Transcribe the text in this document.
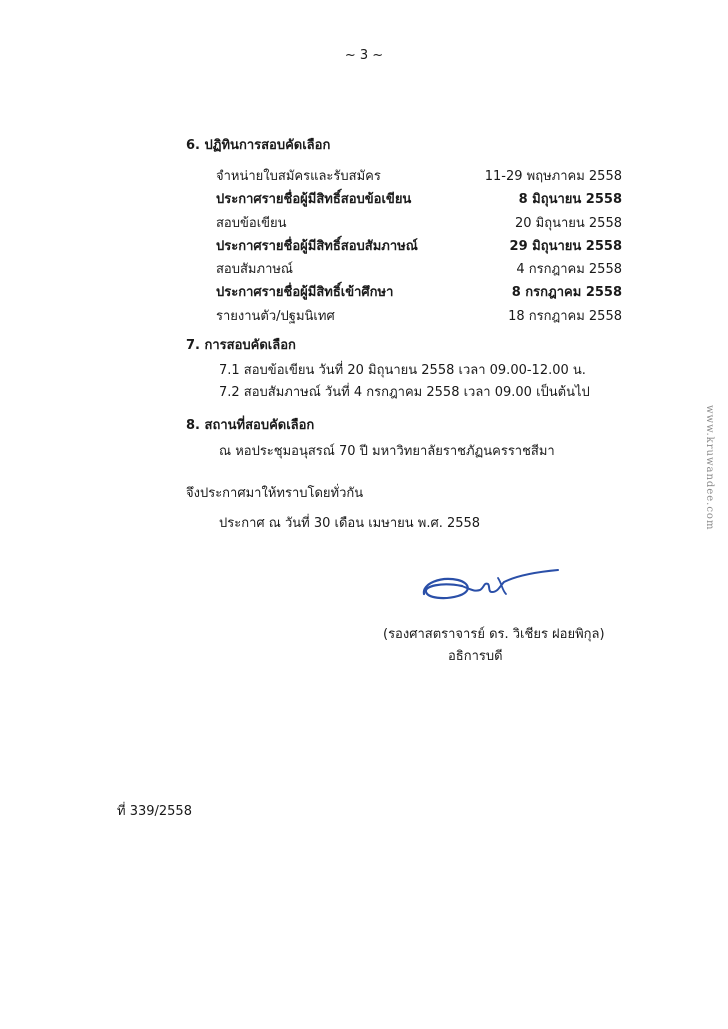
~ 3 ~
6. ปฏิทินการสอบคัดเลือก
จำหน่ายใบสมัครและรับสมัคร	11-29 พฤษภาคม 2558
ประกาศรายชื่อผู้มีสิทธิ์สอบข้อเขียน	8 มิถุนายน 2558
สอบข้อเขียน	20 มิถุนายน 2558
ประกาศรายชื่อผู้มีสิทธิ์สอบสัมภาษณ์	29 มิถุนายน 2558
สอบสัมภาษณ์	4 กรกฎาคม 2558
ประกาศรายชื่อผู้มีสิทธิ์เข้าศึกษา	8 กรกฎาคม 2558
รายงานตัว/ปฐมนิเทศ	18 กรกฎาคม 2558
7. การสอบคัดเลือก
7.1 สอบข้อเขียน วันที่ 20 มิถุนายน 2558 เวลา 09.00-12.00 น.
7.2 สอบสัมภาษณ์ วันที่ 4 กรกฎาคม 2558 เวลา 09.00 เป็นต้นไป
8. สถานที่สอบคัดเลือก
ณ หอประชุมอนุสรณ์ 70 ปี มหาวิทยาลัยราชภัฏนครราชสีมา
จึงประกาศมาให้ทราบโดยทั่วกัน
ประกาศ ณ วันที่ 30 เดือน เมษายน พ.ศ. 2558
(รองศาสตราจารย์ ดร. วิเชียร ฝอยพิกุล)
อธิการบดี
ที่ 339/2558
www.kruwandee.com
